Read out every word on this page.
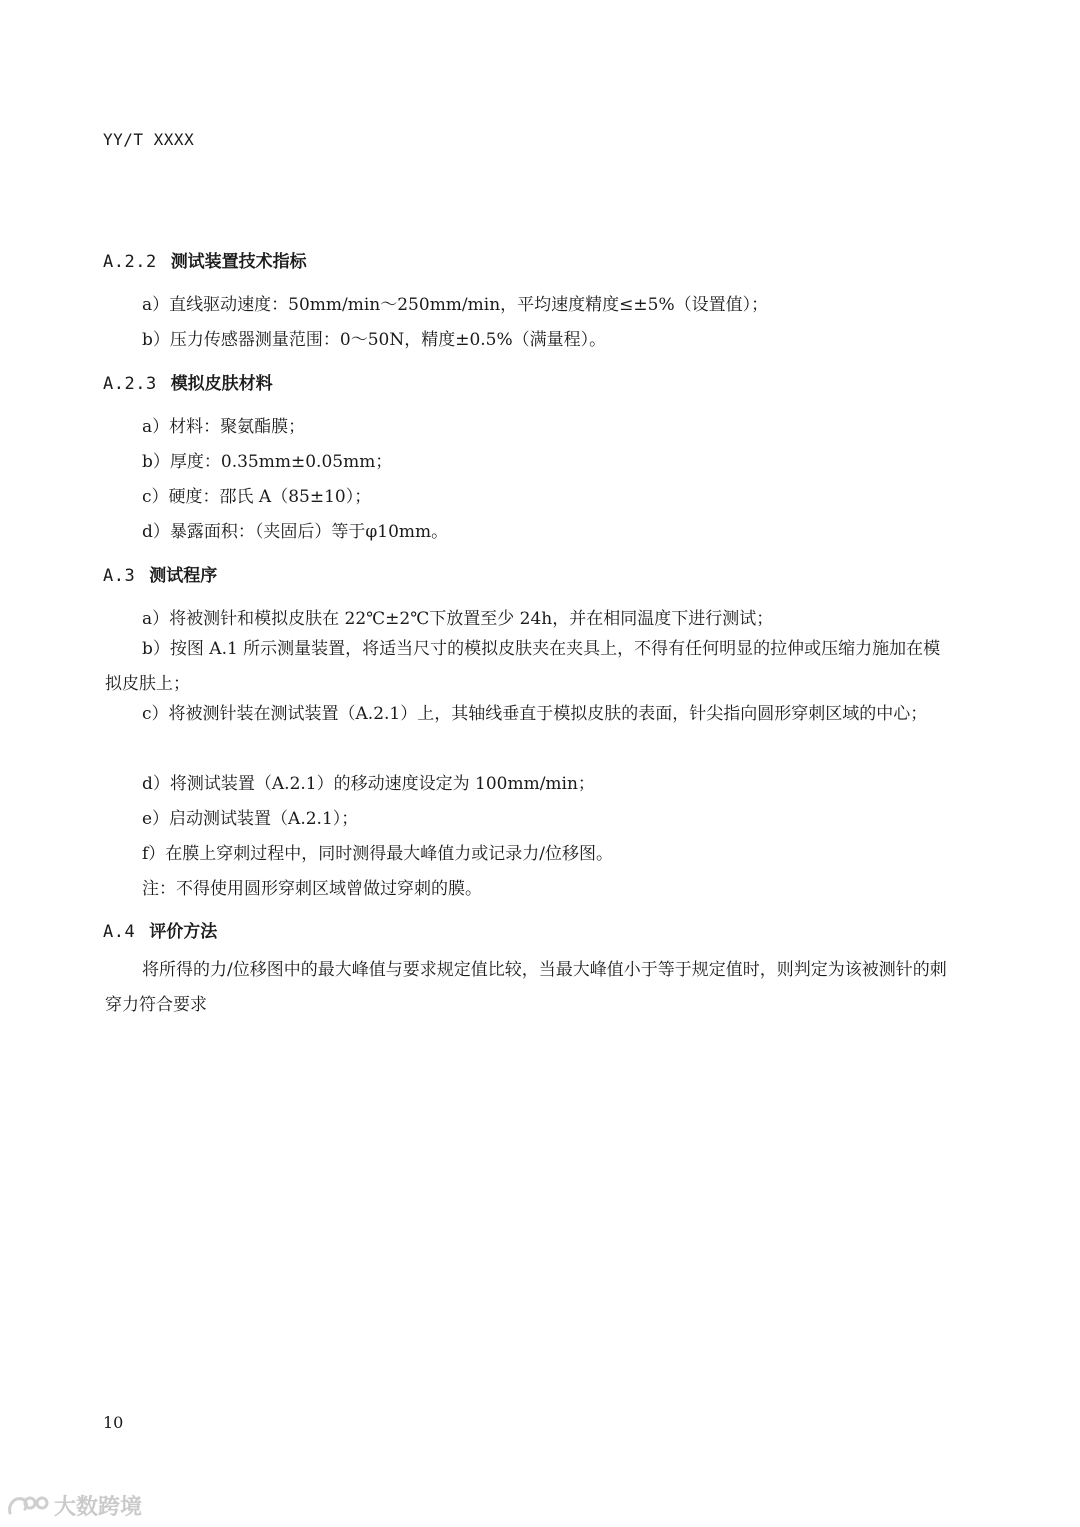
YY/T XXXX
A.2.2 测试装置技术指标
a）直线驱动速度：50mm/min～250mm/min，平均速度精度≤±5%（设置值）；
b）压力传感器测量范围：0～50N，精度±0.5%（满量程）。
A.2.3 模拟皮肤材料
a）材料：聚氨酯膜；
b）厚度：0.35mm±0.05mm；
c）硬度：邵氏 A（85±10）；
d）暴露面积：（夹固后）等于φ10mm。
A.3 测试程序
a）将被测针和模拟皮肤在 22℃±2℃下放置至少 24h，并在相同温度下进行测试；
b）按图 A.1 所示测量装置，将适当尺寸的模拟皮肤夹在夹具上，不得有任何明显的拉伸或压缩力施加在模拟皮肤上；
c）将被测针装在测试装置（A.2.1）上，其轴线垂直于模拟皮肤的表面，针尖指向圆形穿刺区域的中心；
d）将测试装置（A.2.1）的移动速度设定为 100mm/min；
e）启动测试装置（A.2.1）；
f）在膜上穿刺过程中，同时测得最大峰值力或记录力/位移图。
注：不得使用圆形穿刺区域曾做过穿刺的膜。
A.4 评价方法
将所得的力/位移图中的最大峰值与要求规定值比较，当最大峰值小于等于规定值时，则判定为该被测针的刺穿力符合要求
10
大数跨境
